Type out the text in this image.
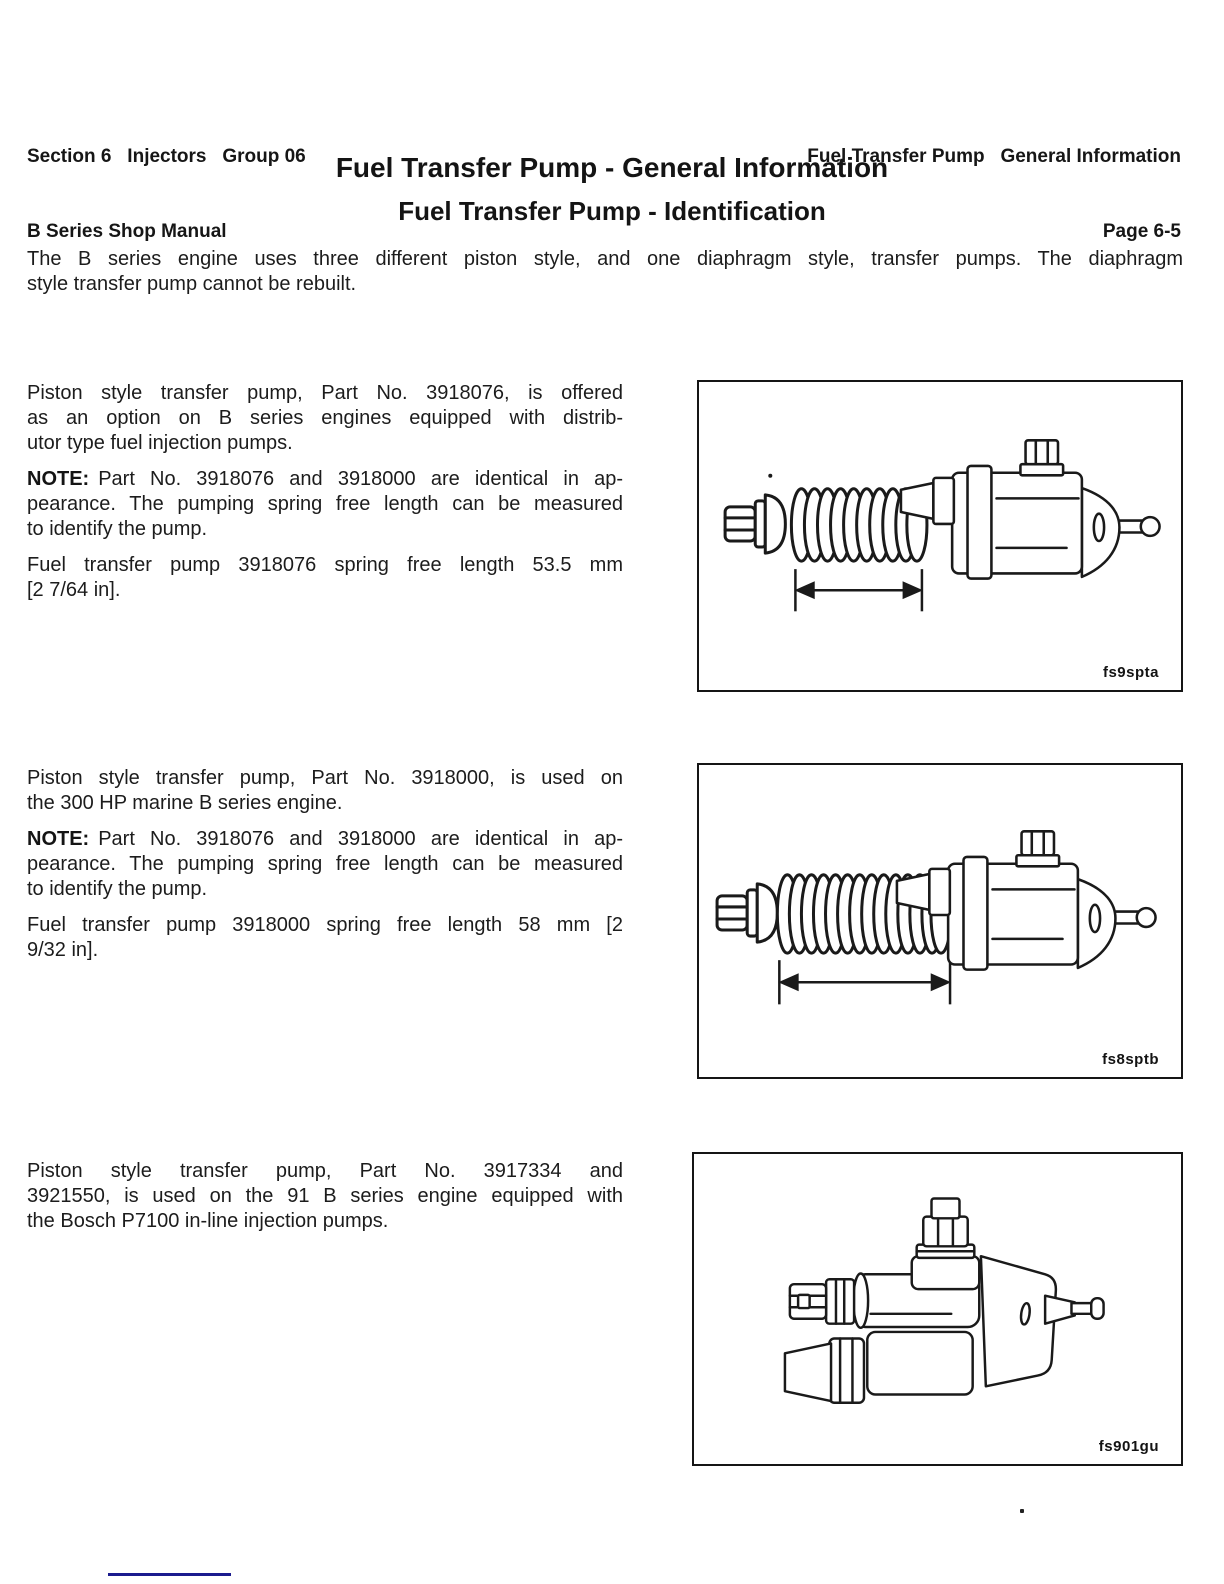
Section 6   Injectors   Group 06

B Series Shop Manual

Fuel Transfer Pump   General Information

Page 6-5

Fuel Transfer Pump - General Information
Fuel Transfer Pump - Identification
The B series engine uses three different piston style, and one diaphragm style, transfer pumps. The diaphragm
style transfer pump cannot be rebuilt.

Piston style transfer pump, Part No. 3918076, is offered
as an option on B series engines equipped with distrib-
utor type fuel injection pumps.

NOTE: Part No. 3918076 and 3918000 are identical in ap-
pearance. The pumping spring free length can be measured
to identify the pump.

Fuel transfer pump 3918076 spring free length 53.5 mm
[2 7/64 in].

fs9spta

Piston style transfer pump, Part No. 3918000, is used on
the 300 HP marine B series engine.

NOTE: Part No. 3918076 and 3918000 are identical in ap-
pearance. The pumping spring free length can be measured
to identify the pump.

Fuel transfer pump 3918000 spring free length 58 mm [2
9/32 in].

fs8sptb

Piston style transfer pump, Part No. 3917334 and
3921550, is used on the 91 B series engine equipped with
the Bosch P7100 in-line injection pumps.

fs901gu
